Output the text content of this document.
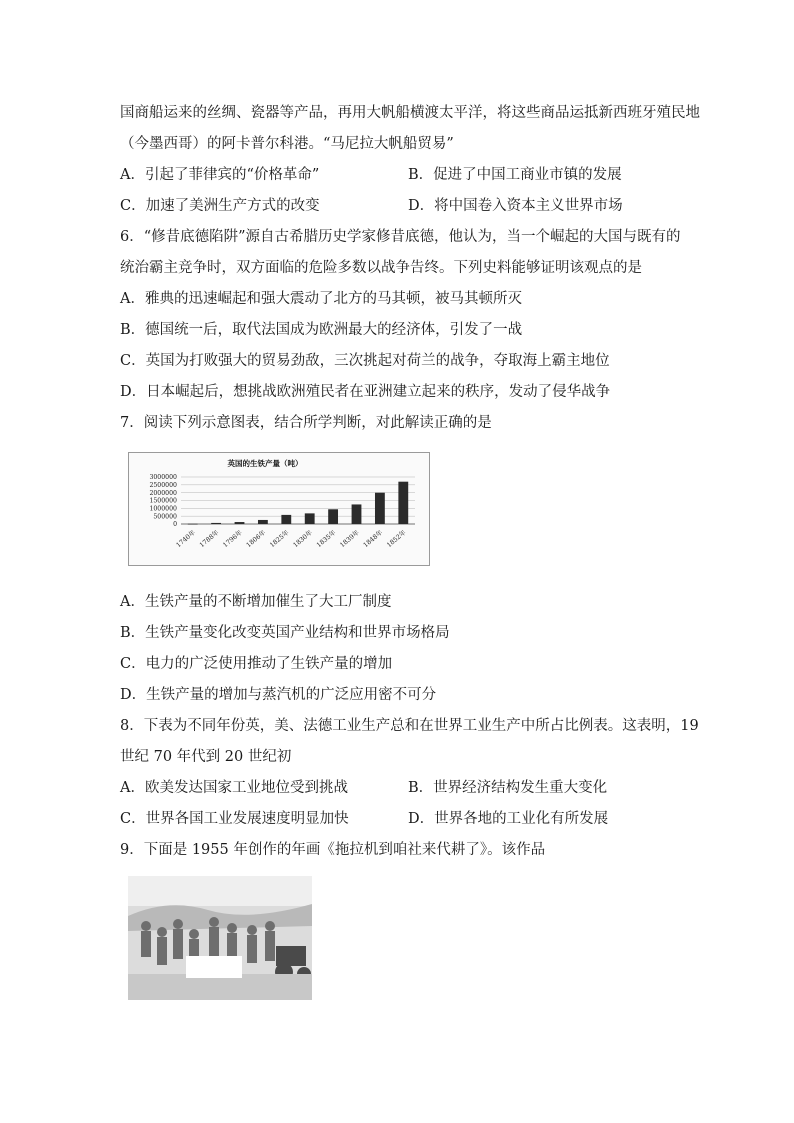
国商船运来的丝绸、瓷器等产品，再用大帆船横渡太平洋，将这些商品运抵新西班牙殖民地
（今墨西哥）的阿卡普尔科港。“马尼拉大帆船贸易”
A．引起了菲律宾的“价格革命”	B．促进了中国工商业市镇的发展
C．加速了美洲生产方式的改变	D．将中国卷入资本主义世界市场
6．“修昔底德陷阱”源自古希腊历史学家修昔底德，他认为，当一个崛起的大国与既有的
统治霸主竞争时，双方面临的危险多数以战争告终。下列史料能够证明该观点的是
A．雅典的迅速崛起和强大震动了北方的马其顿，被马其顿所灭
B．德国统一后，取代法国成为欧洲最大的经济体，引发了一战
C．英国为打败强大的贸易劲敌，三次挑起对荷兰的战争，夺取海上霸主地位
D．日本崛起后，想挑战欧洲殖民者在亚洲建立起来的秩序，发动了侵华战争
7．阅读下列示意图表，结合所学判断，对此解读正确的是
英国的生铁产量（吨）
3000000
2500000
2000000
1500000
1000000
500000
0
1740年 1788年 1796年 1806年 1825年 1830年 1835年 1839年 1848年 1852年
A．生铁产量的不断增加催生了大工厂制度
B．生铁产量变化改变英国产业结构和世界市场格局
C．电力的广泛使用推动了生铁产量的增加
D．生铁产量的增加与蒸汽机的广泛应用密不可分
8．下表为不同年份英，美、法德工业生产总和在世界工业生产中所占比例表。这表明，19
世纪 70 年代到 20 世纪初
A．欧美发达国家工业地位受到挑战	B．世界经济结构发生重大变化
C．世界各国工业发展速度明显加快	D．世界各地的工业化有所发展
9．下面是 1955 年创作的年画《拖拉机到咱社来代耕了》。该作品
